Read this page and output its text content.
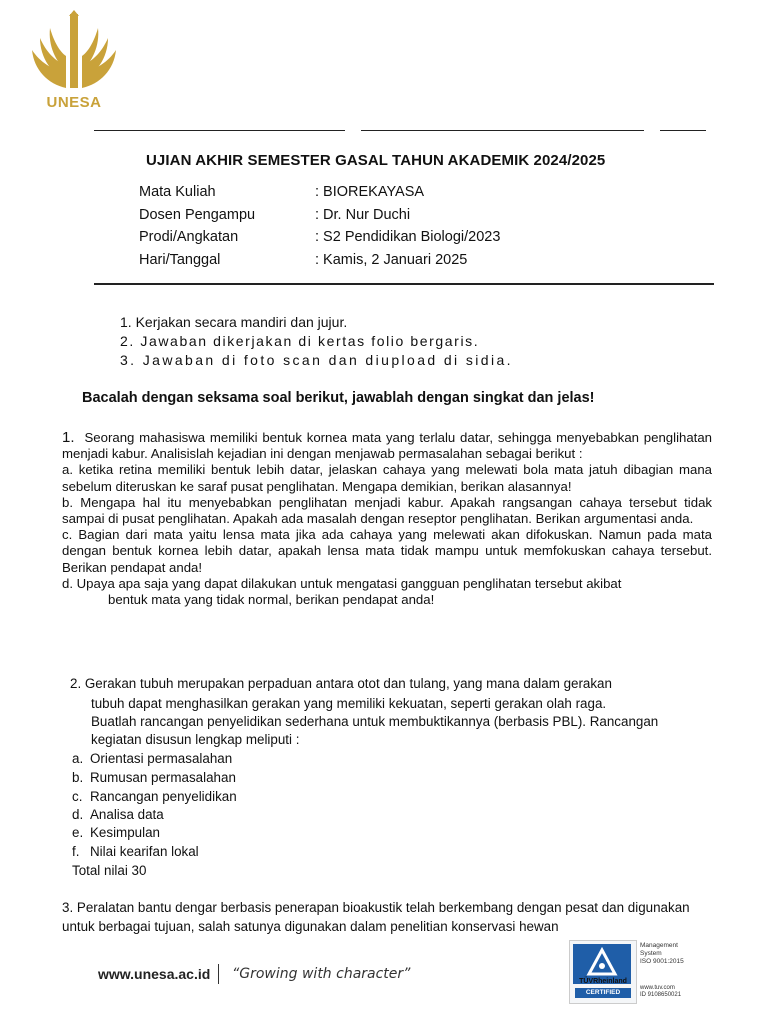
UNESA
UJIAN AKHIR SEMESTER GASAL TAHUN AKADEMIK 2024/2025
Mata Kuliah	: BIOREKAYASA
Dosen Pengampu	: Dr. Nur Duchi
Prodi/Angkatan	: S2 Pendidikan Biologi/2023
Hari/Tanggal	: Kamis, 2 Januari 2025
1. Kerjakan secara mandiri dan jujur.
2. Jawaban dikerjakan di kertas folio bergaris.
3. Jawaban di foto scan dan diupload di sidia.
Bacalah dengan seksama soal berikut, jawablah dengan singkat dan jelas!

1. Seorang mahasiswa memiliki bentuk kornea mata yang terlalu datar, sehingga menyebabkan penglihatan menjadi kabur. Analisislah kejadian ini dengan menjawab permasalahan sebagai berikut :

a. ketika retina memiliki bentuk lebih datar, jelaskan cahaya yang melewati bola mata jatuh dibagian mana sebelum diteruskan ke saraf pusat penglihatan. Mengapa demikian, berikan alasannya!

b. Mengapa hal itu menyebabkan penglihatan menjadi kabur. Apakah rangsangan cahaya tersebut tidak sampai di pusat penglihatan. Apakah ada masalah dengan reseptor penglihatan. Berikan argumentasi anda.

c. Bagian dari mata yaitu lensa mata jika ada cahaya yang melewati akan difokuskan. Namun pada mata dengan bentuk kornea lebih datar, apakah lensa mata tidak mampu untuk memfokuskan cahaya tersebut. Berikan pendapat anda!

d. Upaya apa saja yang dapat dilakukan untuk mengatasi gangguan penglihatan tersebut akibat

bentuk mata yang tidak normal, berikan pendapat anda!

2. Gerakan tubuh merupakan perpaduan antara otot dan tulang, yang mana dalam gerakan
tubuh dapat menghasilkan gerakan yang memiliki kekuatan, seperti gerakan olah raga.
Buatlah rancangan penyelidikan sederhana untuk membuktikannya (berbasis PBL). Rancangan
kegiatan disusun lengkap meliputi :
a. Orientasi permasalahan
b. Rumusan permasalahan
c. Rancangan penyelidikan
d. Analisa data
e. Kesimpulan
f. Nilai kearifan lokal
Total nilai 30
3. Peralatan bantu dengar berbasis penerapan bioakustik telah berkembang dengan pesat dan digunakan untuk berbagai tujuan, salah satunya digunakan dalam penelitian konservasi hewan
www.unesa.ac.id “Growing with character”	TÜVRheinland
CERTIFIED
Management
System
ISO 9001:2015
www.tuv.com
ID 9108650021
